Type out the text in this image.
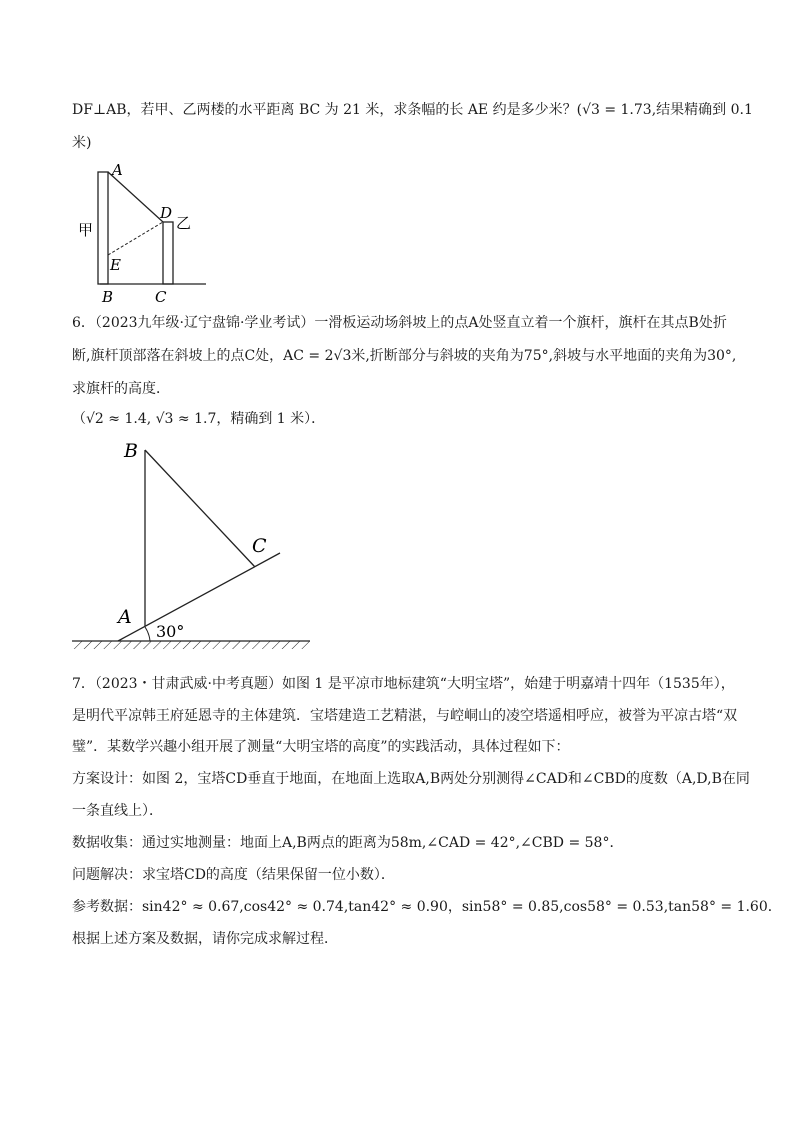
DF⊥AB，若甲、乙两楼的水平距离 BC 为 21 米，求条幅的长 AE 约是多少米？(√3 = 1.73,结果精确到 0.1
米)
A
D
乙
甲
E
B	C
6．（2023九年级·辽宁盘锦·学业考试）一滑板运动场斜坡上的点A处竖直立着一个旗杆，旗杆在其点B处折
断,旗杆顶部落在斜坡上的点C处，AC = 2√3米,折断部分与斜坡的夹角为75°,斜坡与水平地面的夹角为30°,
求旗杆的高度．
（√2 ≈ 1.4, √3 ≈ 1.7，精确到 1 米）．
B
C
A
30°
7．（2023・甘肃武威·中考真题）如图 1 是平凉市地标建筑“大明宝塔”，始建于明嘉靖十四年（1535年），
是明代平凉韩王府延恩寺的主体建筑．宝塔建造工艺精湛，与崆峒山的凌空塔遥相呼应，被誉为平凉古塔“双
璧”．某数学兴趣小组开展了测量“大明宝塔的高度”的实践活动，具体过程如下：
方案设计：如图 2，宝塔CD垂直于地面，在地面上选取A,B两处分别测得∠CAD和∠CBD的度数（A,D,B在同
一条直线上）．
数据收集：通过实地测量：地面上A,B两点的距离为58m,∠CAD = 42°,∠CBD = 58°．
问题解决：求宝塔CD的高度（结果保留一位小数）．
参考数据：sin42° ≈ 0.67,cos42° ≈ 0.74,tan42° ≈ 0.90，sin58° = 0.85,cos58° = 0.53,tan58° = 1.60．
根据上述方案及数据，请你完成求解过程．
